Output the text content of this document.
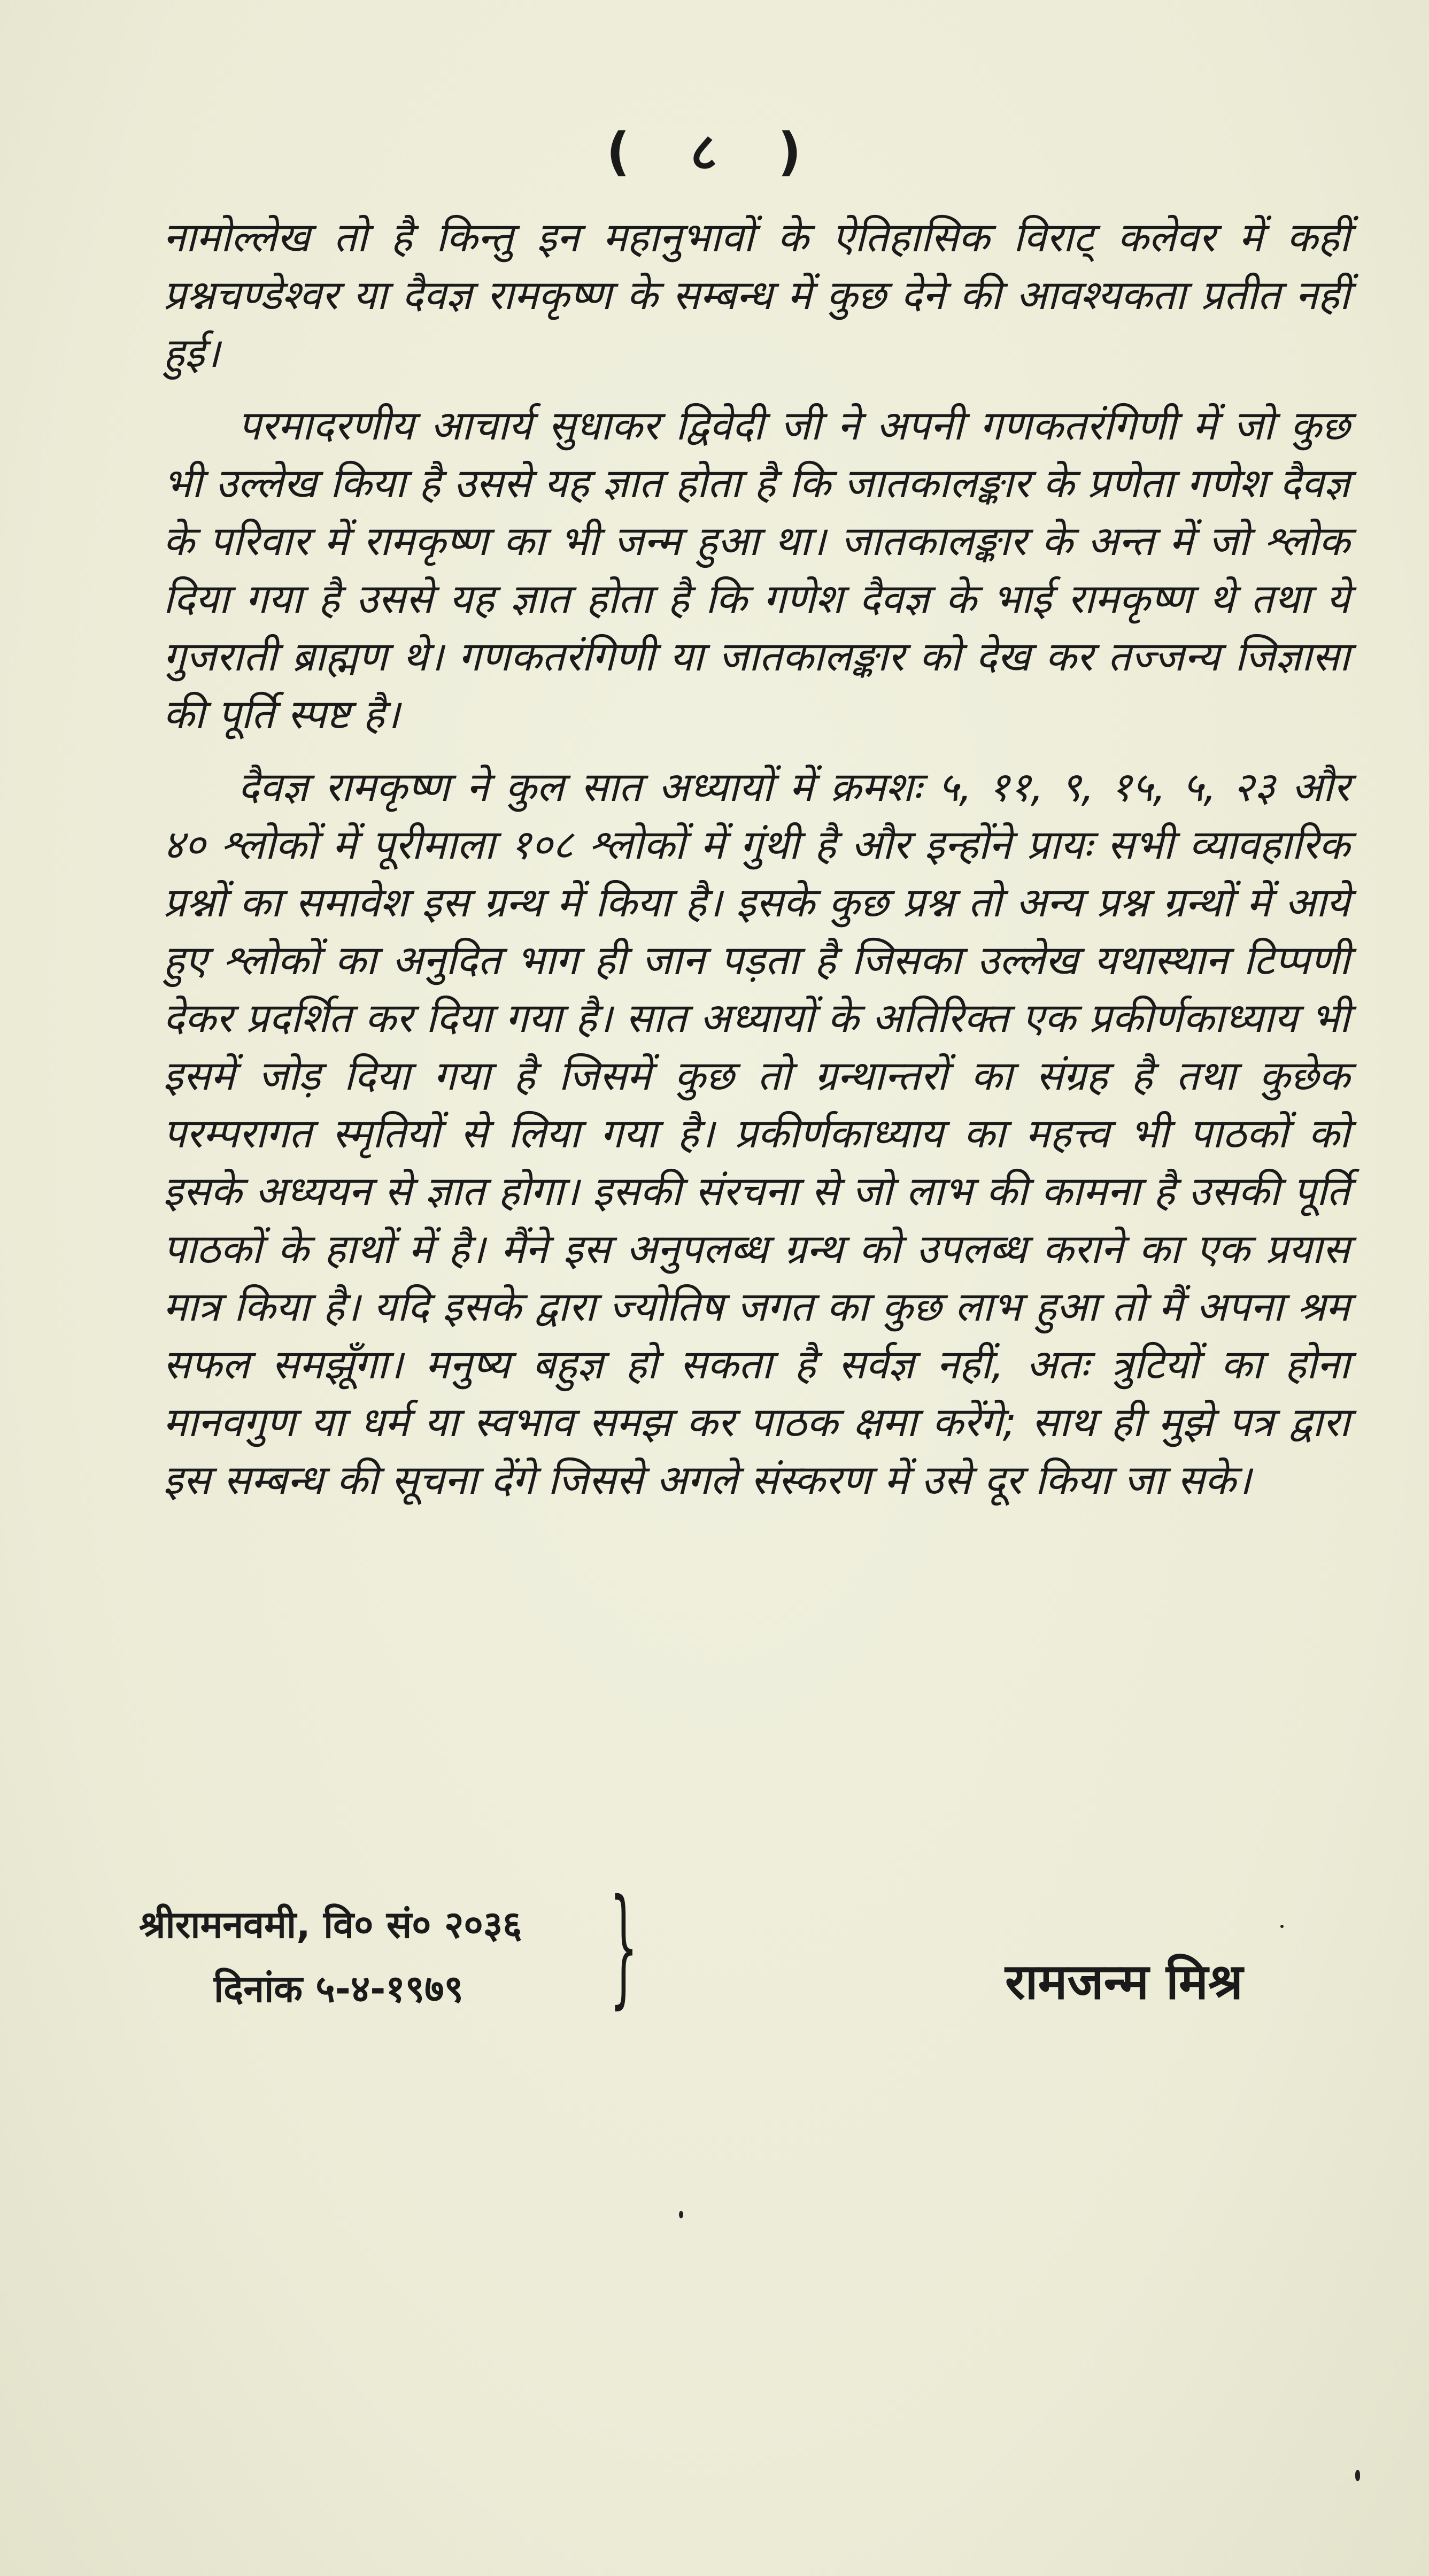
( ८ )

नामोल्लेख तो है किन्तु इन महानुभावों के ऐतिहासिक विराट् कलेवर में कहीं प्रश्नचण्डेश्वर या दैवज्ञ रामकृष्ण के सम्बन्ध में कुछ देने की आवश्यकता प्रतीत नहीं हुई।

परमादरणीय आचार्य सुधाकर द्विवेदी जी ने अपनी गणकतरंगिणी में जो कुछ भी उल्लेख किया है उससे यह ज्ञात होता है कि जातकालङ्कार के प्रणेता गणेश दैवज्ञ के परिवार में रामकृष्ण का भी जन्म हुआ था। जातकालङ्कार के अन्त में जो श्लोक दिया गया है उससे यह ज्ञात होता है कि गणेश दैवज्ञ के भाई रामकृष्ण थे तथा ये गुजराती ब्राह्मण थे। गणकतरंगिणी या जातकालङ्कार को देख कर तज्जन्य जिज्ञासा की पूर्ति स्पष्ट है।

दैवज्ञ रामकृष्ण ने कुल सात अध्यायों में क्रमशः ५, ११, ९, १५, ५, २३ और ४० श्लोकों में पूरीमाला १०८ श्लोकों में गुंथी है और इन्होंने प्रायः सभी व्यावहारिक प्रश्नों का समावेश इस ग्रन्थ में किया है। इसके कुछ प्रश्न तो अन्य प्रश्न ग्रन्थों में आये हुए श्लोकों का अनुदित भाग ही जान पड़ता है जिसका उल्लेख यथास्थान टिप्पणी देकर प्रदर्शित कर दिया गया है। सात अध्यायों के अतिरिक्त एक प्रकीर्णकाध्याय भी इसमें जोड़ दिया गया है जिसमें कुछ तो ग्रन्थान्तरों का संग्रह है तथा कुछेक परम्परागत स्मृतियों से लिया गया है। प्रकीर्णकाध्याय का महत्त्व भी पाठकों को इसके अध्ययन से ज्ञात होगा। इसकी संरचना से जो लाभ की कामना है उसकी पूर्ति पाठकों के हाथों में है। मैंने इस अनुपलब्ध ग्रन्थ को उपलब्ध कराने का एक प्रयास मात्र किया है। यदि इसके द्वारा ज्योतिष जगत का कुछ लाभ हुआ तो मैं अपना श्रम सफल समझूँगा। मनुष्य बहुज्ञ हो सकता है सर्वज्ञ नहीं, अतः त्रुटियों का होना मानवगुण या धर्म या स्वभाव समझ कर पाठक क्षमा करेंगे; साथ ही मुझे पत्र द्वारा इस सम्बन्ध की सूचना देंगे जिससे अगले संस्करण में उसे दूर किया जा सके।

श्रीरामनवमी, वि० सं० २०३६
दिनांक ५-४-१९७९	}	रामजन्म मिश्र
